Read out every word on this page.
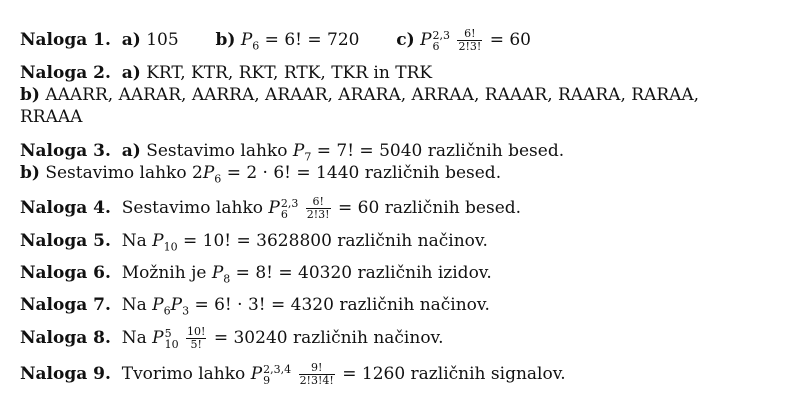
Naloga 1. a) 105 b) $P_6 = 6$! = 720 c) P 2,3
6
	$\frac{6!}{2!3!} = 60$
Naloga 2. a) KRT, KTR, RKT, RTK, TKR in TRK
b) AAARR, AARAR, AARRA, ARAAR, ARARA, ARRAA, RAAAR, RAARA, RARAA,
RRAAA
Naloga 3. a) Sestavimo lahko $P_7 = 7$! = 5040 različnih besed.
b) Sestavimo lahko $2P_6 = 2 \cdot 6$! = 1440 različnih besed.
Naloga 4. Sestavimo lahko P 2,3
6
	$\frac{6!}{2!3!} = 60$ različnih besed.
Naloga 5. Na $P_{10} = 10$! = 3628800 različnih načinov.
Naloga 6. Možnih je $P_8 = 8$! = 40320 različnih izidov.
Naloga 7. Na $P_6P_3 = 6$! · 3! = 4320 različnih načinov.
Naloga 8. Na P 5
10
$\frac{10!}{5!} = 30240$ različnih načinov.
Naloga 9. Tvorimo lahko P 2,3,4
9
	$\frac{9!}{2!3!4!} = 1260$ različnih signalov.
